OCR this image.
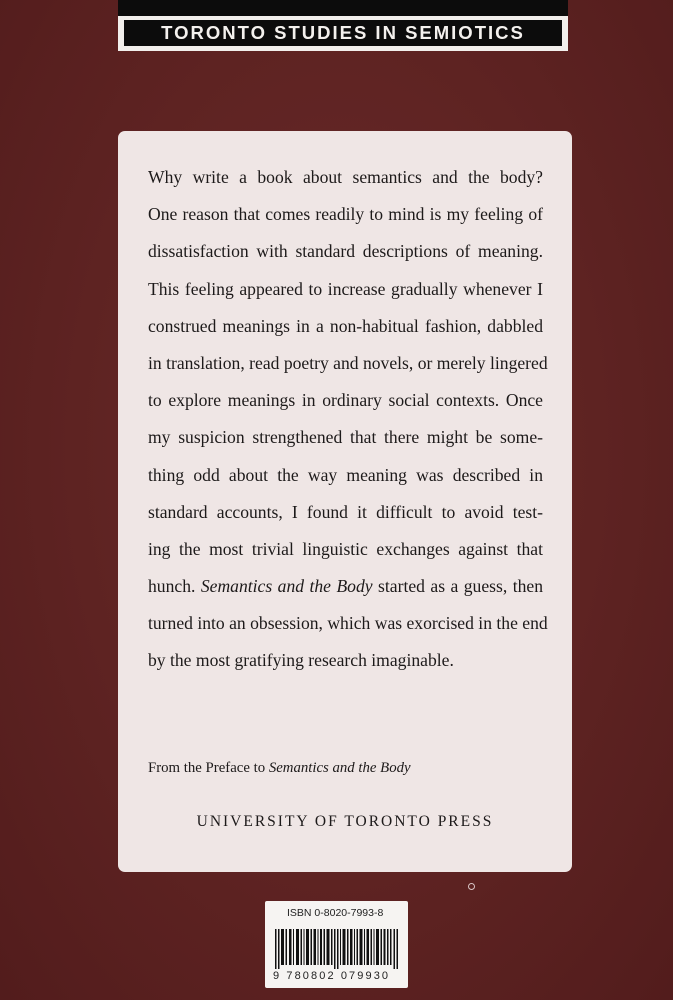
TORONTO STUDIES IN SEMIOTICS

Why write a book about semantics and the body?
One reason that comes readily to mind is my feeling of
dissatisfaction with standard descriptions of meaning.
This feeling appeared to increase gradually whenever I
construed meanings in a non-habitual fashion, dabbled
in translation, read poetry and novels, or merely lingered
to explore meanings in ordinary social contexts. Once
my suspicion strengthened that there might be some-
thing odd about the way meaning was described in
standard accounts, I found it difficult to avoid test-
ing the most trivial linguistic exchanges against that
hunch. Semantics and the Body started as a guess, then
turned into an obsession, which was exorcised in the end
by the most gratifying research imaginable.

From the Preface to Semantics and the Body
UNIVERSITY OF TORONTO PRESS
ISBN 0-8020-7993-8
9 780802 079930
